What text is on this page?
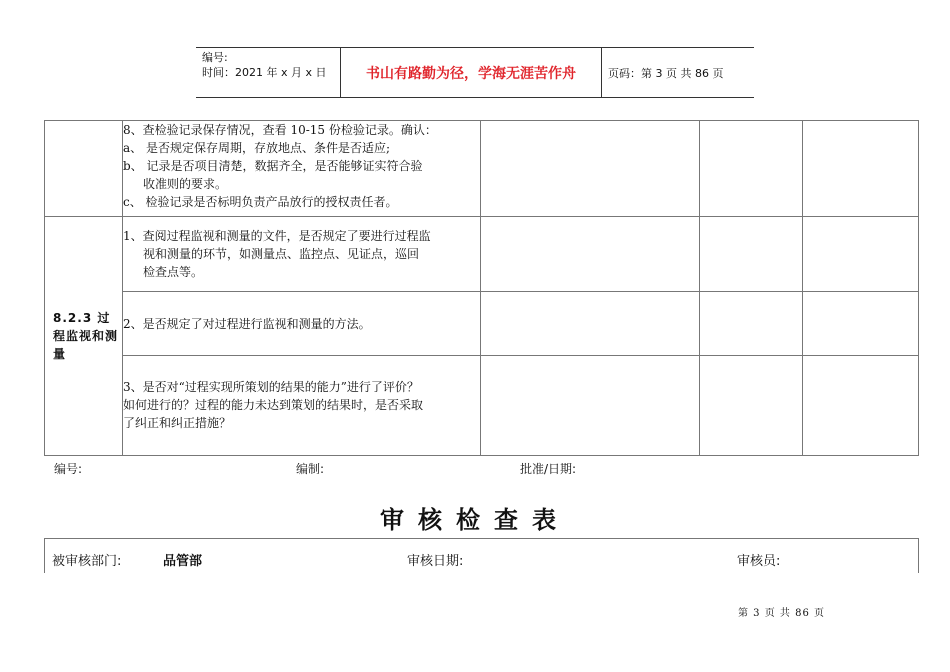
编号:
时间：2021 年 x 月 x 日	书山有路勤为径，学海无涯苦作舟	页码：第 3 页 共 86 页

	8、查检验记录保存情况，查看 10-15 份检验记录。确认：
a、 是否规定保存周期，存放地点、条件是否适应;
b、 记录是否项目清楚，数据齐全，是否能够证实符合验
收准则的要求。
c、 检验记录是否标明负责产品放行的授权责任者。			

8.2.3 过程监视和测量	1、查阅过程监视和测量的文件，是否规定了要进行过程监
视和测量的环节，如测量点、监控点、见证点，巡回
检查点等。			

	2、是否规定了对过程进行监视和测量的方法。			

	3、是否对“过程实现所策划的结果的能力”进行了评价？
如何进行的？过程的能力未达到策划的结果时，是否采取
了纠正和纠正措施？			

编号:	编制:	批准/日期:
审核检查表
被审核部门:	品管部	审核日期:	审核员:
第 3 页 共 86 页
